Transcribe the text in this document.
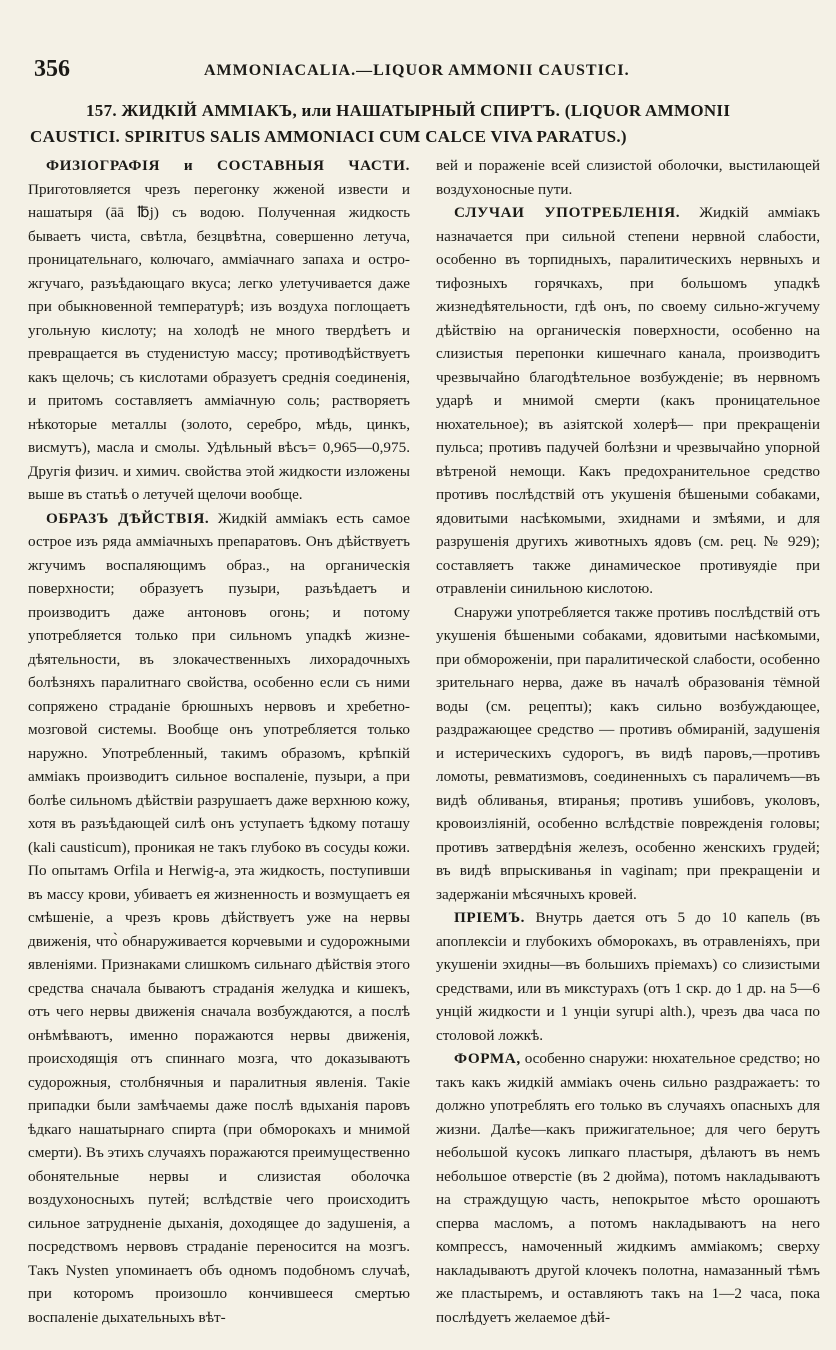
356	AMMONIACALIA.—LIQUOR AMMONII CAUSTICI.
157. ЖИДКІЙ АММІАКЪ, или НАШАТЫРНЫЙ СПИРТЪ. (LIQUOR AMMONII
CAUSTICI. SPIRITUS SALIS AMMONIACI CUM CALCE VIVA PARATUS.)

ФИЗІОГРАФІЯ и СОСТАВНЫЯ ЧАСТИ. Приготовляется чрезъ перегонку жженой извести и нашатыря (āā ℔j) съ водою. Полученная жидкость бываетъ чиста, свѣтла, безцвѣтна, совершенно летуча, проницательнаго, колючаго, амміачнаго запаха и остро-жгучаго, разъѣдающаго вкуса; легко улетучивается даже при обыкновенной температурѣ; изъ воздуха поглощаетъ угольную кислоту; на холодѣ не много твердѣетъ и превращается въ студенистую массу; противодѣйствуетъ какъ щелочь; съ кислотами образуетъ среднія соединенія, и притомъ составляетъ амміачную соль; растворяетъ нѣкоторые металлы (золото, серебро, мѣдь, цинкъ, висмутъ), масла и смолы. Удѣльный вѣсъ= 0,965—0,975. Другія физич. и химич. свойства этой жидкости изложены выше въ статьѣ о летучей щелочи вообще.

ОБРАЗЪ ДѢЙСТВІЯ. Жидкій амміакъ есть самое острое изъ ряда амміачныхъ препаратовъ. Онъ дѣйствуетъ жгучимъ воспаляющимъ образ., на органическія поверхности; образуетъ пузыри, разъѣдаетъ и производитъ даже антоновъ огонь; и потому употребляется только при сильномъ упадкѣ жизне-дѣятельности, въ злокачественныхъ лихорадочныхъ болѣзняхъ паралитнаго свойства, особенно если съ ними сопряжено страданіе брюшныхъ нервовъ и хребетно-мозговой системы. Вообще онъ употребляется только наружно. Употребленный, такимъ образомъ, крѣпкій амміакъ производитъ сильное воспаленіе, пузыри, а при болѣе сильномъ дѣйствіи разрушаетъ даже верхнюю кожу, хотя въ разъѣдающей силѣ онъ уступаетъ ѣдкому поташу (kali causticum), проникая не такъ глубоко въ сосуды кожи. По опытамъ Orfila и Herwig-а, эта жидкость, поступивши въ массу крови, убиваетъ ея жизненность и возмущаетъ ея смѣшеніе, а чрезъ кровь дѣйствуетъ уже на нервы движенія, что̀ обнаруживается корчевыми и судорожными явленіями. Признаками слишкомъ сильнаго дѣйствія этого средства сначала бываютъ страданія желудка и кишекъ, отъ чего нервы движенія сначала возбуждаются, а послѣ онѣмѣваютъ, именно поражаются нервы движенія, происходящія отъ спиннаго мозга, что доказываютъ судорожныя, столбнячныя и паралитныя явленія. Такіе припадки были замѣчаемы даже послѣ вдыханія паровъ ѣдкаго нашатырнаго спирта (при обморокахъ и мнимой смерти). Въ этихъ случаяхъ поражаются преимущественно обонятельные нервы и слизистая оболочка воздухоносныхъ путей; вслѣдствіе чего происходитъ сильное затрудненіе дыханія, доходящее до задушенія, а посредствомъ нервовъ страданіе переносится на мозгъ. Такъ Nysten упоминаетъ объ одномъ подобномъ случаѣ, при которомъ произошло кончившееся смертью воспаленіе дыхательныхъ вѣт-

вей и пораженіе всей слизистой оболочки, выстилающей воздухоносные пути.

СЛУЧАИ УПОТРЕБЛЕНІЯ. Жидкій амміакъ назначается при сильной степени нервной слабости, особенно въ торпидныхъ, паралитическихъ нервныхъ и тифозныхъ горячкахъ, при большомъ упадкѣ жизнедѣятельности, гдѣ онъ, по своему сильно-жгучему дѣйствію на органическія поверхности, особенно на слизистыя перепонки кишечнаго канала, производитъ чрезвычайно благодѣтельное возбужденіе; въ нервномъ ударѣ и мнимой смерти (какъ проницательное нюхательное); въ азіятской холерѣ— при прекращеніи пульса; противъ падучей болѣзни и чрезвычайно упорной вѣтреной немощи. Какъ предохранительное средство противъ послѣдствій отъ укушенія бѣшеными собаками, ядовитыми насѣкомыми, эхиднами и змѣями, и для разрушенія другихъ животныхъ ядовъ (см. рец. № 929); составляетъ также динамическое противуядіе при отравленіи синильною кислотою.

Снаружи употребляется также противъ послѣдствій отъ укушенія бѣшеными собаками, ядовитыми насѣкомыми, при обмороженіи, при паралитической слабости, особенно зрительнаго нерва, даже въ началѣ образованія тёмной воды (см. рецепты); какъ сильно возбуждающее, раздражающее средство — противъ обмираній, задушенія и истерическихъ судорогъ, въ видѣ паровъ,—противъ ломоты, ревматизмовъ, соединенныхъ съ параличемъ—въ видѣ обливанья, втиранья; противъ ушибовъ, уколовъ, кровоизліяній, особенно вслѣдствіе поврежденія головы; противъ затвердѣнія железъ, особенно женскихъ грудей; въ видѣ впрыскиванья in vaginam; при прекращеніи и задержаніи мѣсячныхъ кровей.

ПРІЕМЪ. Внутрь дается отъ 5 до 10 капель (въ апоплексіи и глубокихъ обморокахъ, въ отравленіяхъ, при укушеніи эхидны—въ большихъ пріемахъ) со слизистыми средствами, или въ микстурахъ (отъ 1 скр. до 1 др. на 5—6 унцій жидкости и 1 унціи syrupi alth.), чрезъ два часа по столовой ложкѣ.

ФОРМА, особенно снаружи: нюхательное средство; но такъ какъ жидкій амміакъ очень сильно раздражаетъ: то должно употреблять его только въ случаяхъ опасныхъ для жизни. Далѣе—какъ прижигательное; для чего берутъ небольшой кусокъ липкаго пластыря, дѣлаютъ въ немъ небольшое отверстіе (въ 2 дюйма), потомъ накладываютъ на страждущую часть, непокрытое мѣсто орошаютъ сперва масломъ, а потомъ накладываютъ на него компрессъ, намоченный жидкимъ амміакомъ; сверху накладываютъ другой клочекъ полотна, намазанный тѣмъ же пластыремъ, и оставляютъ такъ на 1—2 часа, пока послѣдуетъ желаемое дѣй-
